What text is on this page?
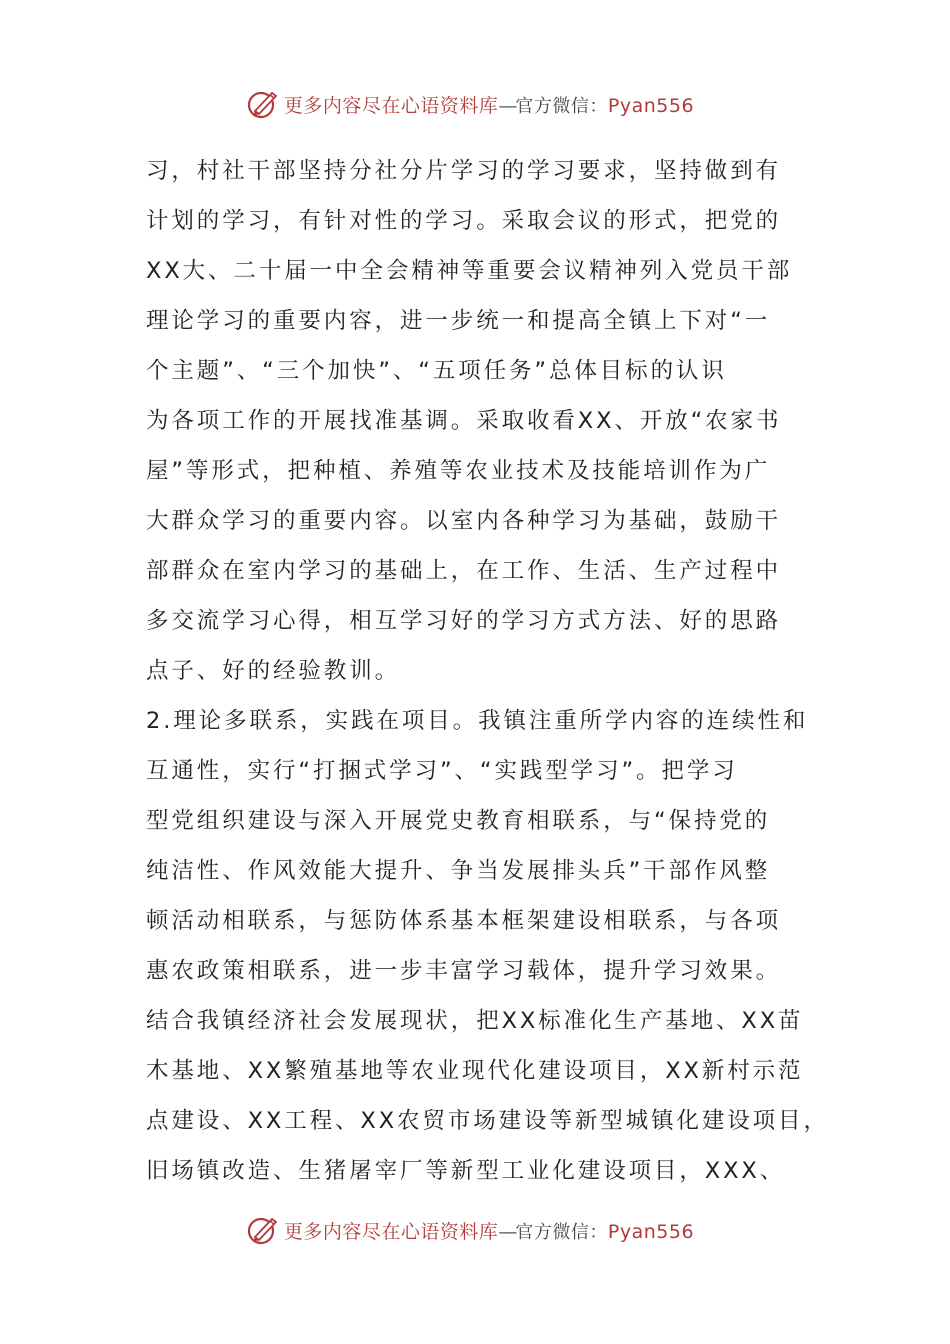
更多内容尽在心语资料库—官方微信：Pyan556
习，村社干部坚持分社分片学习的学习要求，坚持做到有
计划的学习，有针对性的学习。采取会议的形式，把党的
XX大、二十届一中全会精神等重要会议精神列入党员干部
理论学习的重要内容，进一步统一和提高全镇上下对“一
个主题”、“三个加快”、“五项任务”总体目标的认识
为各项工作的开展找准基调。采取收看XX、开放“农家书
屋”等形式，把种植、养殖等农业技术及技能培训作为广
大群众学习的重要内容。以室内各种学习为基础，鼓励干
部群众在室内学习的基础上，在工作、生活、生产过程中
多交流学习心得，相互学习好的学习方式方法、好的思路
点子、好的经验教训。
2.理论多联系，实践在项目。我镇注重所学内容的连续性和
互通性，实行“打捆式学习”、“实践型学习”。把学习
型党组织建设与深入开展党史教育相联系，与“保持党的
纯洁性、作风效能大提升、争当发展排头兵”干部作风整
顿活动相联系，与惩防体系基本框架建设相联系，与各项
惠农政策相联系，进一步丰富学习载体，提升学习效果。
结合我镇经济社会发展现状，把XX标准化生产基地、XX苗
木基地、XX繁殖基地等农业现代化建设项目，XX新村示范
点建设、XX工程、XX农贸市场建设等新型城镇化建设项目，
旧场镇改造、生猪屠宰厂等新型工业化建设项目，XXX、
更多内容尽在心语资料库—官方微信：Pyan556
